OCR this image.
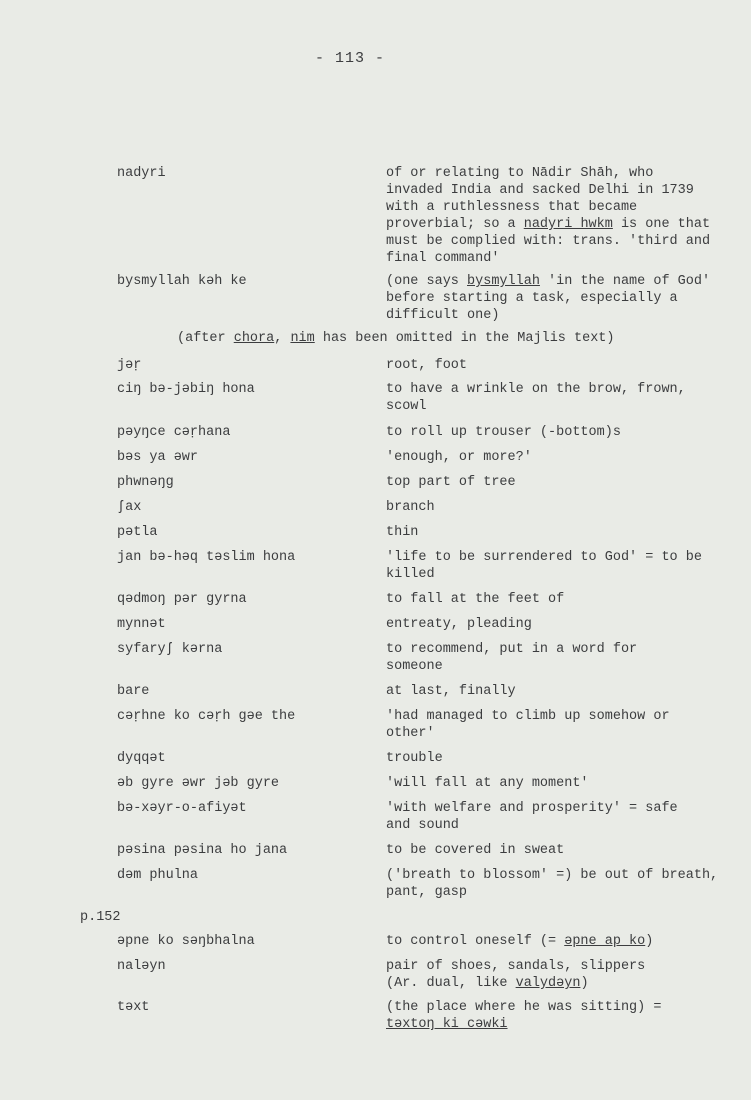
- 113 -
nadyri	of or relating to Nādir Shāh, who
invaded India and sacked Delhi in 1739
with a ruthlessness that became
proverbial; so a nadyri hwkm is one that
must be complied with: trans. 'third and
final command'
bysmyllah kəh ke	(one says bysmyllah 'in the name of God'
before starting a task, especially a
difficult one)
(after chora, nim has been omitted in the Majlis text)
jəṛ	root, foot
ciŋ bə-jəbiŋ hona	to have a wrinkle on the brow, frown,
scowl
pəyŋce cəṛhana	to roll up trouser (-bottom)s
bəs ya əwr	'enough, or more?'
phwnəŋg	top part of tree
ʃax	branch
pətla	thin
jan bə-həq təslim hona	'life to be surrendered to God' = to be
killed
qədmoŋ pər gyrna	to fall at the feet of
mynnət	entreaty, pleading
syfaryʃ kərna	to recommend, put in a word for
someone
bare	at last, finally
cəṛhne ko cəṛh gəe the	'had managed to climb up somehow or
other'
dyqqət	trouble
əb gyre əwr jəb gyre	'will fall at any moment'
bə-xəyr-o-afiyət	'with welfare and prosperity' = safe
and sound
pəsina pəsina ho jana	to be covered in sweat
dəm phulna	('breath to blossom' =) be out of breath,
pant, gasp
p.152
əpne ko səŋbhalna	to control oneself (= əpne ap ko)
naləyn	pair of shoes, sandals, slippers
(Ar. dual, like valydəyn)
təxt	(the place where he was sitting) =
təxtoŋ ki cəwki
